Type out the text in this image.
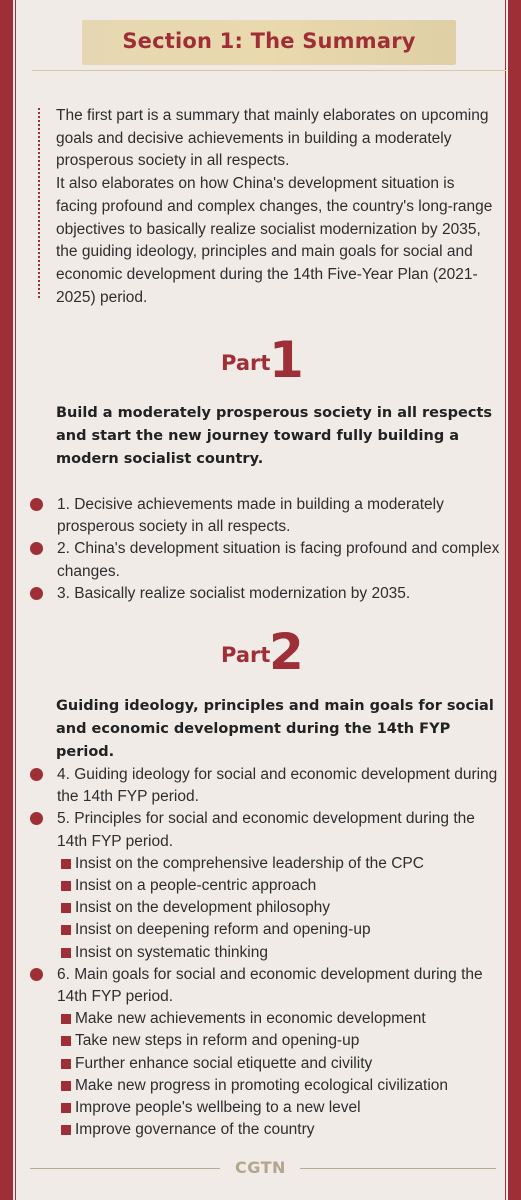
Section 1: The Summary

The first part is a summary that mainly elaborates on upcoming goals and decisive achievements in building a moderately prosperous society in all respects.

It also elaborates on how China's development situation is facing profound and complex changes, the country's long-range objectives to basically realize socialist modernization by 2035, the guiding ideology, principles and main goals for social and economic development during the 14th Five-Year Plan (2021-2025) period.

Part
1
Build a moderately prosperous society in all respects and start the new journey toward fully building a modern socialist country.
1. Decisive achievements made in building a moderately prosperous society in all respects.
2. China's development situation is facing profound and complex changes.
3. Basically realize socialist modernization by 2035.
Part
2
Guiding ideology, principles and main goals for social and economic development during the 14th FYP period.
4. Guiding ideology for social and economic development during the 14th FYP period.
5. Principles for social and economic development during the 14th FYP period.
Insist on the comprehensive leadership of the CPC
Insist on a people-centric approach
Insist on the development philosophy
Insist on deepening reform and opening-up
Insist on systematic thinking
6. Main goals for social and economic development during the 14th FYP period.
Make new achievements in economic development
Take new steps in reform and opening-up
Further enhance social etiquette and civility
Make new progress in promoting ecological civilization
Improve people's wellbeing to a new level
Improve governance of the country
CGTN
